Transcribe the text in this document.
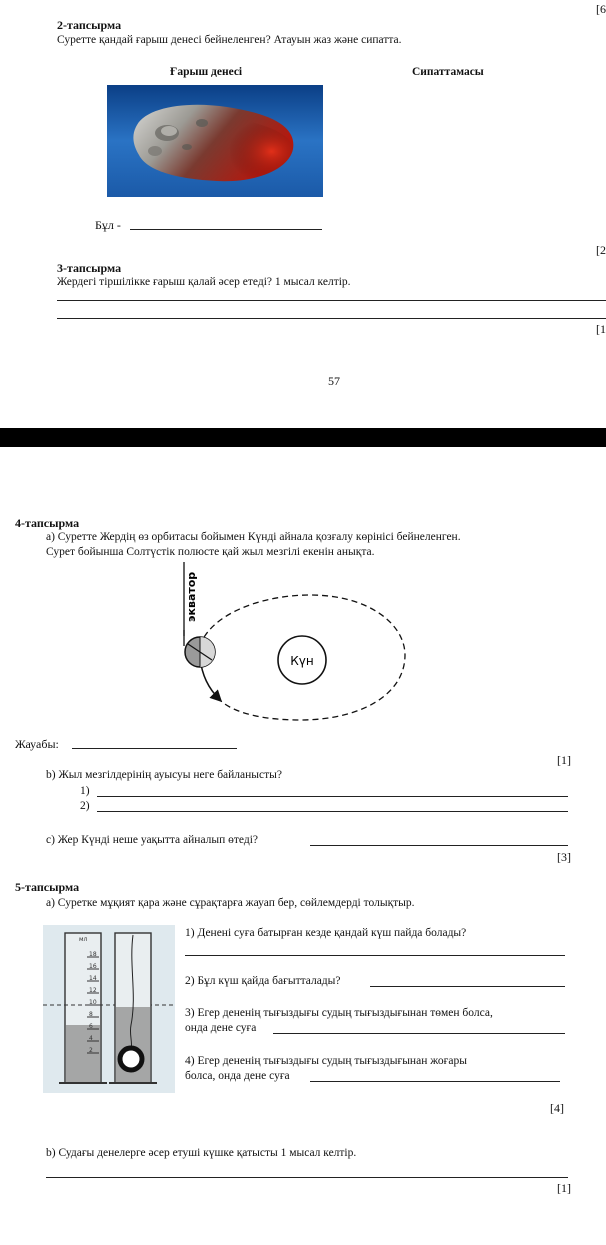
[6
2-тапсырма
Суретте қандай ғарыш денесі бейнеленген? Атауын жаз және сипатта.
Ғарыш денесі	Сипаттамасы
Бұл -
[2
3-тапсырма
Жердегі тіршілікке ғарыш қалай әсер етеді? 1 мысал келтір.
[1
57
4-тапсырма
а) Суретте Жердің өз орбитасы бойымен Күнді айнала қозғалу көрінісі бейнеленген.
Сурет бойынша Солтүстік полюсте қай жыл мезгілі екенін анықта.
Күн
экватор
Жауабы:
[1]
b) Жыл мезгілдерінің ауысуы неге байланысты?
1)
2)
с) Жер Күнді неше уақытта айналып өтеді?
[3]
5-тапсырма
а) Суретке мұқият қара және сұрақтарға жауап бер, сөйлемдерді толықтыр.
мл
18
16
14
12
10
8
6
4
2
1) Денені суға батырған кезде қандай күш пайда болады?
2) Бұл күш қайда бағытталады?
3) Егер дененің тығыздығы судың тығыздығынан төмен болса,
онда дене суға
4) Егер дененің тығыздығы судың тығыздығынан жоғары
болса, онда дене суға
[4]
b) Судағы денелерге әсер етуші күшке қатысты 1 мысал келтір.
[1]
